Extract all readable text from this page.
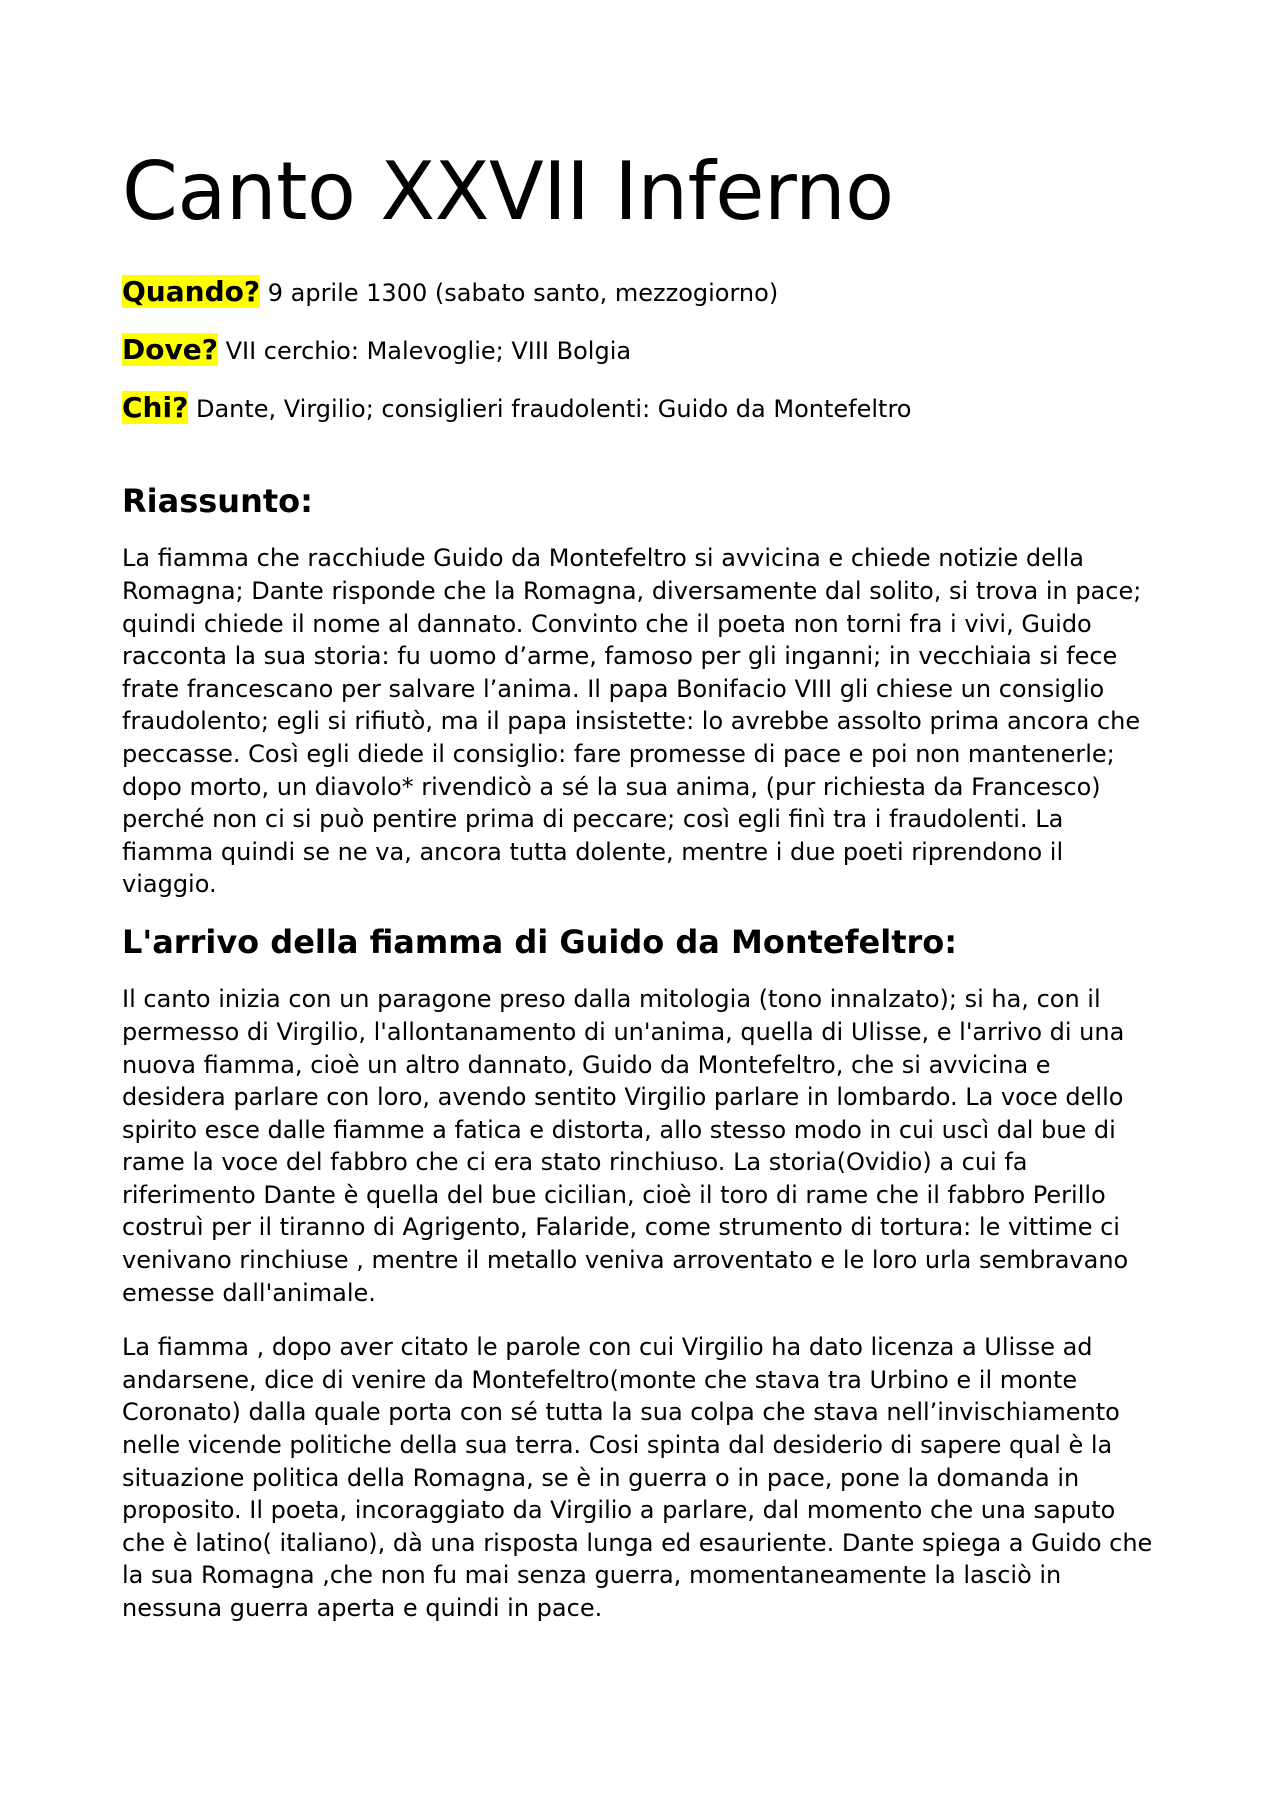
Canto XXVII Inferno
Quando? 9 aprile 1300 (sabato santo, mezzogiorno)
Dove? VII cerchio: Malevoglie; VIII Bolgia
Chi? Dante, Virgilio; consiglieri fraudolenti: Guido da Montefeltro
Riassunto:

La fiamma che racchiude Guido da Montefeltro si avvicina e chiede notizie della Romagna; Dante risponde che la Romagna, diversamente dal solito, si trova in pace; quindi chiede il nome al dannato. Convinto che il poeta non torni fra i vivi, Guido racconta la sua storia: fu uomo d’arme, famoso per gli inganni; in vecchiaia si fece frate francescano per salvare l’anima. Il papa Bonifacio VIII gli chiese un consiglio fraudolento; egli si rifiutò, ma il papa insistette: lo avrebbe assolto prima ancora che peccasse. Così egli diede il consiglio: fare promesse di pace e poi non mantenerle; dopo morto, un diavolo* rivendicò a sé la sua anima, (pur richiesta da Francesco) perché non ci si può pentire prima di peccare; così egli finì tra i fraudolenti. La fiamma quindi se ne va, ancora tutta dolente, mentre i due poeti riprendono il viaggio.

L'arrivo della fiamma di Guido da Montefeltro:

Il canto inizia con un paragone preso dalla mitologia (tono innalzato); si ha, con il permesso di Virgilio, l'allontanamento di un'anima, quella di Ulisse, e l'arrivo di una nuova fiamma, cioè un altro dannato, Guido da Montefeltro, che si avvicina e desidera parlare con loro, avendo sentito Virgilio parlare in lombardo. La voce dello spirito esce dalle fiamme a fatica e distorta, allo stesso modo in cui uscì dal bue di rame la voce del fabbro che ci era stato rinchiuso. La storia(Ovidio) a cui fa riferimento Dante è quella del bue cicilian, cioè il toro di rame che il fabbro Perillo costruì per il tiranno di Agrigento, Falaride, come strumento di tortura: le vittime ci venivano rinchiuse , mentre il metallo veniva arroventato e le loro urla sembravano emesse dall'animale.

La fiamma , dopo aver citato le parole con cui Virgilio ha dato licenza a Ulisse ad andarsene, dice di venire da Montefeltro(monte che stava tra Urbino e il monte Coronato) dalla quale porta con sé tutta la sua colpa che stava nell’invischiamento nelle vicende politiche della sua terra. Cosi spinta dal desiderio di sapere qual è la situazione politica della Romagna, se è in guerra o in pace, pone la domanda in proposito. Il poeta, incoraggiato da Virgilio a parlare, dal momento che una saputo che è latino( italiano), dà una risposta lunga ed esauriente. Dante spiega a Guido che la sua Romagna ,che non fu mai senza guerra, momentaneamente la lasciò in nessuna guerra aperta e quindi in pace.
